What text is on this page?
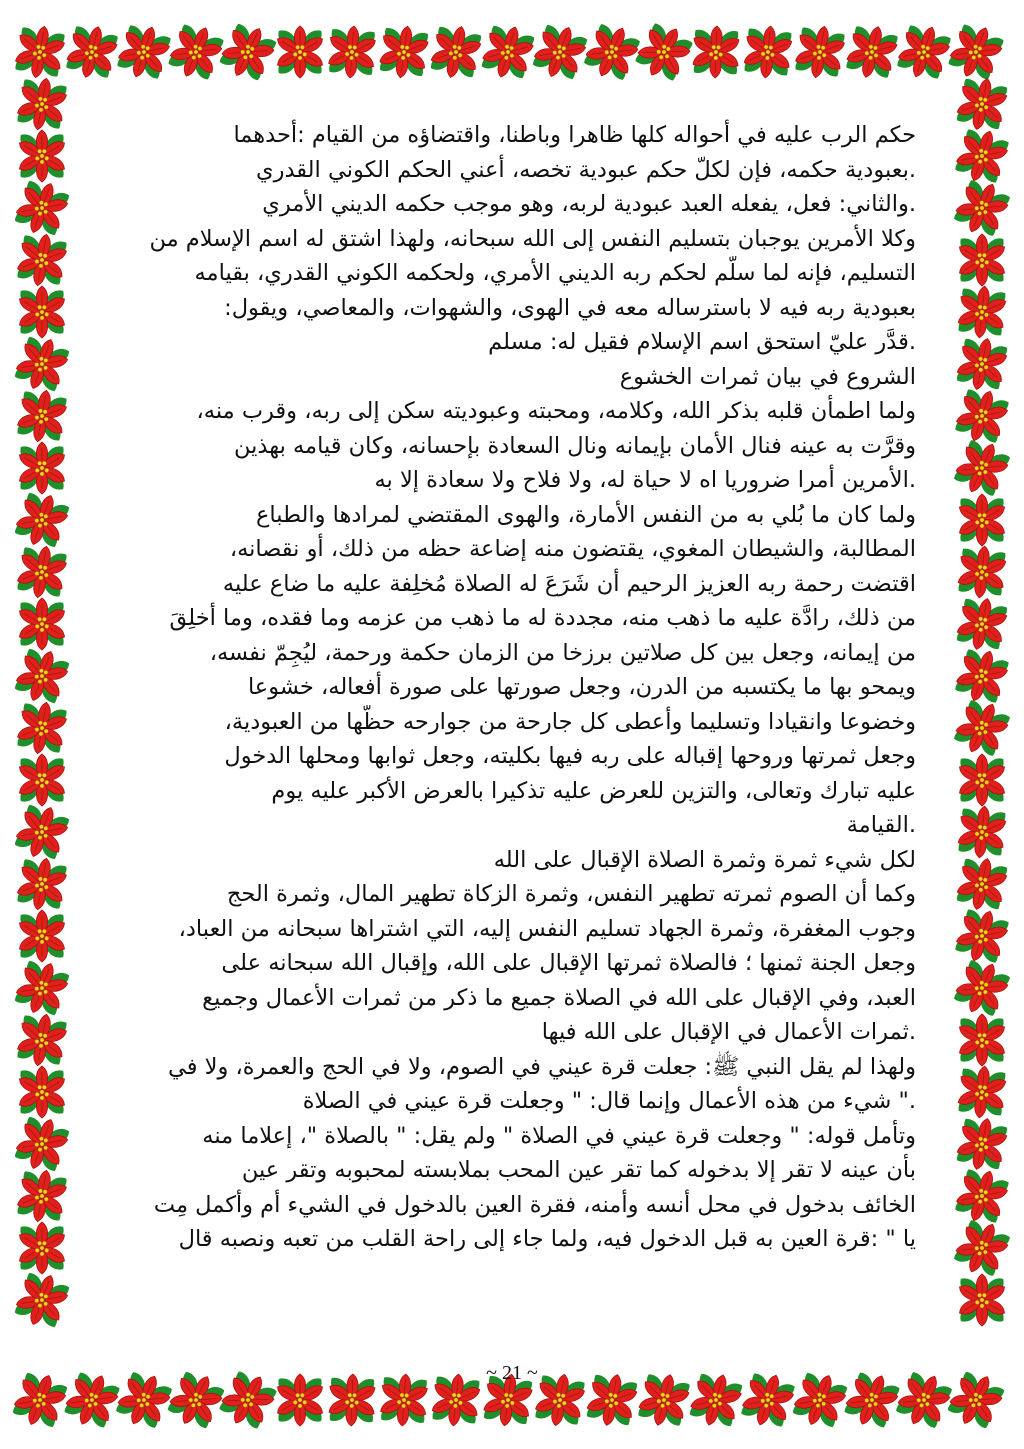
حكم الرب عليه في أحواله كلها ظاهرا وباطنا، واقتضاؤه من القيام :أحدهما
.بعبودية حكمه، فإن لكلّ حكم عبودية تخصه، أعني الحكم الكوني القدري
.والثاني: فعل، يفعله العبد عبودية لربه، وهو موجب حكمه الديني الأمري
وكلا الأمرين يوجبان بتسليم النفس إلى الله سبحانه، ولهذا اشتق له اسم الإسلام من
التسليم، فإنه لما سلّم لحكم ربه الديني الأمري، ولحكمه الكوني القدري، بقيامه
بعبودية ربه فيه لا باسترساله معه في الهوى، والشهوات، والمعاصي، ويقول:
.قدَّر عليّ استحق اسم الإسلام فقيل له: مسلم
الشروع في بيان ثمرات الخشوع
ولما اطمأن قلبه بذكر الله، وكلامه، ومحبته وعبوديته سكن إلى ربه، وقرب منه،
وقرَّت به عينه فنال الأمان بإيمانه ونال السعادة بإحسانه، وكان قيامه بهذين
.الأمرين أمرا ضروريا اه لا حياة له، ولا فلاح ولا سعادة إلا به
ولما كان ما بُلي به من النفس الأمارة، والهوى المقتضي لمرادها والطباع
المطالبة، والشيطان المغوي، يقتضون منه إضاعة حظه من ذلك، أو نقصانه،
اقتضت رحمة ربه العزيز الرحيم أن شَرَعَ له الصلاة مُخلِفة عليه ما ضاع عليه
من ذلك، رادَّة عليه ما ذهب منه، مجددة له ما ذهب من عزمه وما فقده، وما أخلِقَ
من إيمانه، وجعل بين كل صلاتين برزخا من الزمان حكمة ورحمة، ليُجِمّ نفسه،
ويمحو بها ما يكتسبه من الدرن، وجعل صورتها على صورة أفعاله، خشوعا
وخضوعا وانقيادا وتسليما وأعطى كل جارحة من جوارحه حظَّها من العبودية،
وجعل ثمرتها وروحها إقباله على ربه فيها بكليته، وجعل ثوابها ومحلها الدخول
عليه تبارك وتعالى، والتزين للعرض عليه تذكيرا بالعرض الأكبر عليه يوم
.القيامة
لكل شيء ثمرة وثمرة الصلاة الإقبال على الله
وكما أن الصوم ثمرته تطهير النفس، وثمرة الزكاة تطهير المال، وثمرة الحج
وجوب المغفرة، وثمرة الجهاد تسليم النفس إليه، التي اشتراها سبحانه من العباد،
وجعل الجنة ثمنها ؛ فالصلاة ثمرتها الإقبال على الله، وإقبال الله سبحانه على
العبد، وفي الإقبال على الله في الصلاة جميع ما ذكر من ثمرات الأعمال وجميع
.ثمرات الأعمال في الإقبال على الله فيها
ولهذا لم يقل النبي ﷺ: جعلت قرة عيني في الصوم، ولا في الحج والعمرة، ولا في
." شيء من هذه الأعمال وإنما قال: " وجعلت قرة عيني في الصلاة
وتأمل قوله: " وجعلت قرة عيني في الصلاة " ولم يقل: " بالصلاة "، إعلاما منه
بأن عينه لا تقر إلا بدخوله كما تقر عين المحب بملابسته لمحبوبه وتقر عين
الخائف بدخول في محل أنسه وأمنه، فقرة العين بالدخول في الشيء أم وأكمل مِت
يا " :قرة العين به قبل الدخول فيه، ولما جاء إلى راحة القلب من تعبه ونصبه قال
~ 21 ~
